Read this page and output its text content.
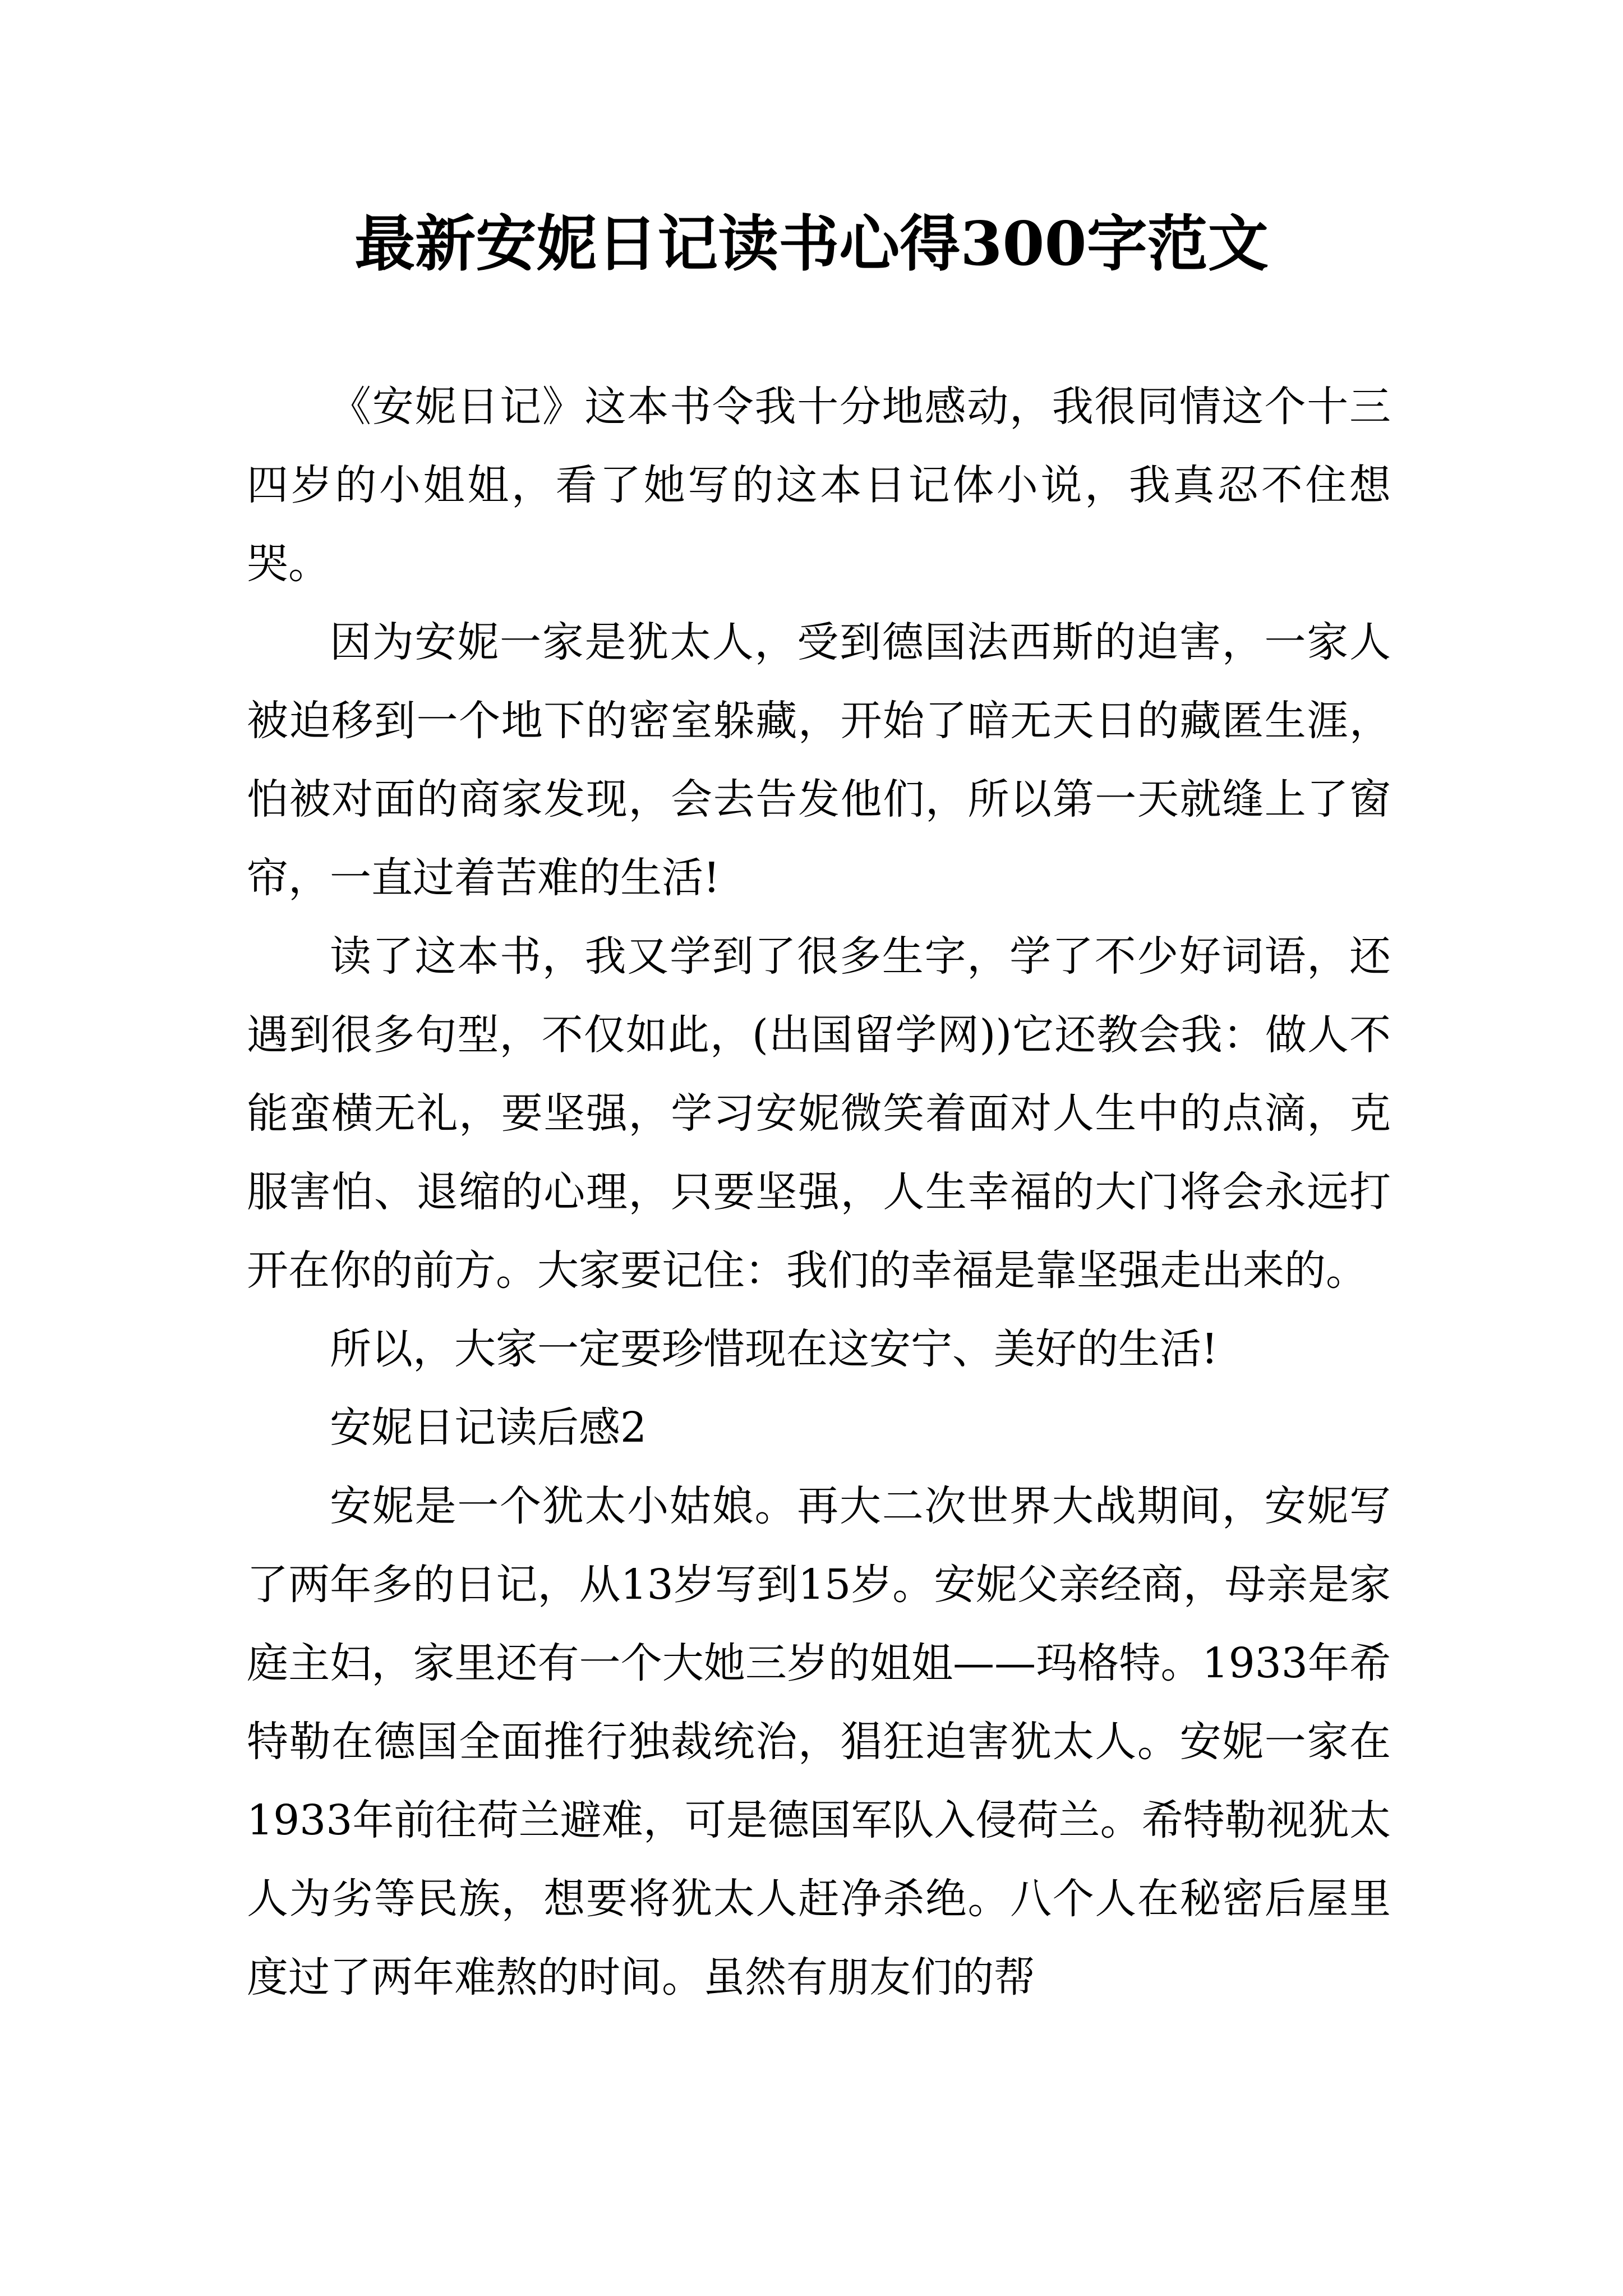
最新安妮日记读书心得300字范文

《安妮日记》这本书令我十分地感动，我很同情这个十三四岁的小姐姐，看了她写的这本日记体小说，我真忍不住想哭。

因为安妮一家是犹太人，受到德国法西斯的迫害，一家人被迫移到一个地下的密室躲藏，开始了暗无天日的藏匿生涯，怕被对面的商家发现，会去告发他们，所以第一天就缝上了窗帘，一直过着苦难的生活!

读了这本书，我又学到了很多生字，学了不少好词语，还遇到很多句型，不仅如此，(出国留学网))它还教会我：做人不能蛮横无礼，要坚强，学习安妮微笑着面对人生中的点滴，克服害怕、退缩的心理，只要坚强，人生幸福的大门将会永远打开在你的前方。大家要记住：我们的幸福是靠坚强走出来的。

所以，大家一定要珍惜现在这安宁、美好的生活!

安妮日记读后感2

安妮是一个犹太小姑娘。再大二次世界大战期间，安妮写了两年多的日记，从13岁写到15岁。安妮父亲经商，母亲是家庭主妇，家里还有一个大她三岁的姐姐——玛格特。1933年希特勒在德国全面推行独裁统治，猖狂迫害犹太人。安妮一家在1933年前往荷兰避难，可是德国军队入侵荷兰。希特勒视犹太人为劣等民族，想要将犹太人赶净杀绝。八个人在秘密后屋里度过了两年难熬的时间。虽然有朋友们的帮
